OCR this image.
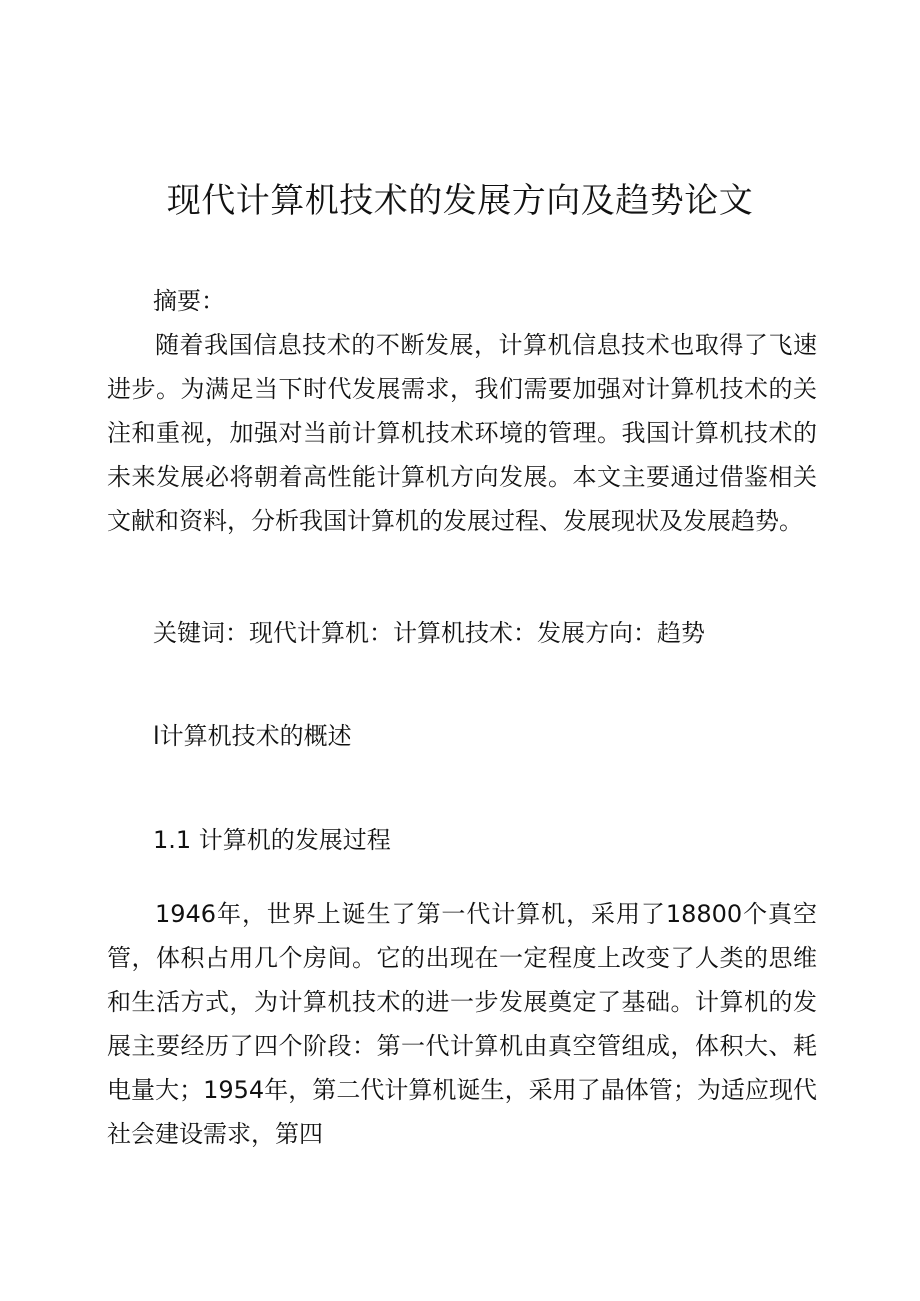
现代计算机技术的发展方向及趋势论文

摘要：

随着我国信息技术的不断发展，计算机信息技术也取得了飞速进步。为满足当下时代发展需求，我们需要加强对计算机技术的关注和重视，加强对当前计算机技术环境的管理。我国计算机技术的未来发展必将朝着高性能计算机方向发展。本文主要通过借鉴相关文献和资料，分析我国计算机的发展过程、发展现状及发展趋势。

关键词：现代计算机：计算机技术：发展方向：趋势

l计算机技术的概述

1.1 计算机的发展过程

1946年，世界上诞生了第一代计算机，采用了18800个真空管，体积占用几个房间。它的出现在一定程度上改变了人类的思维和生活方式，为计算机技术的进一步发展奠定了基础。计算机的发展主要经历了四个阶段：第一代计算机由真空管组成，体积大、耗电量大；1954年，第二代计算机诞生，采用了晶体管；为适应现代社会建设需求，第四
